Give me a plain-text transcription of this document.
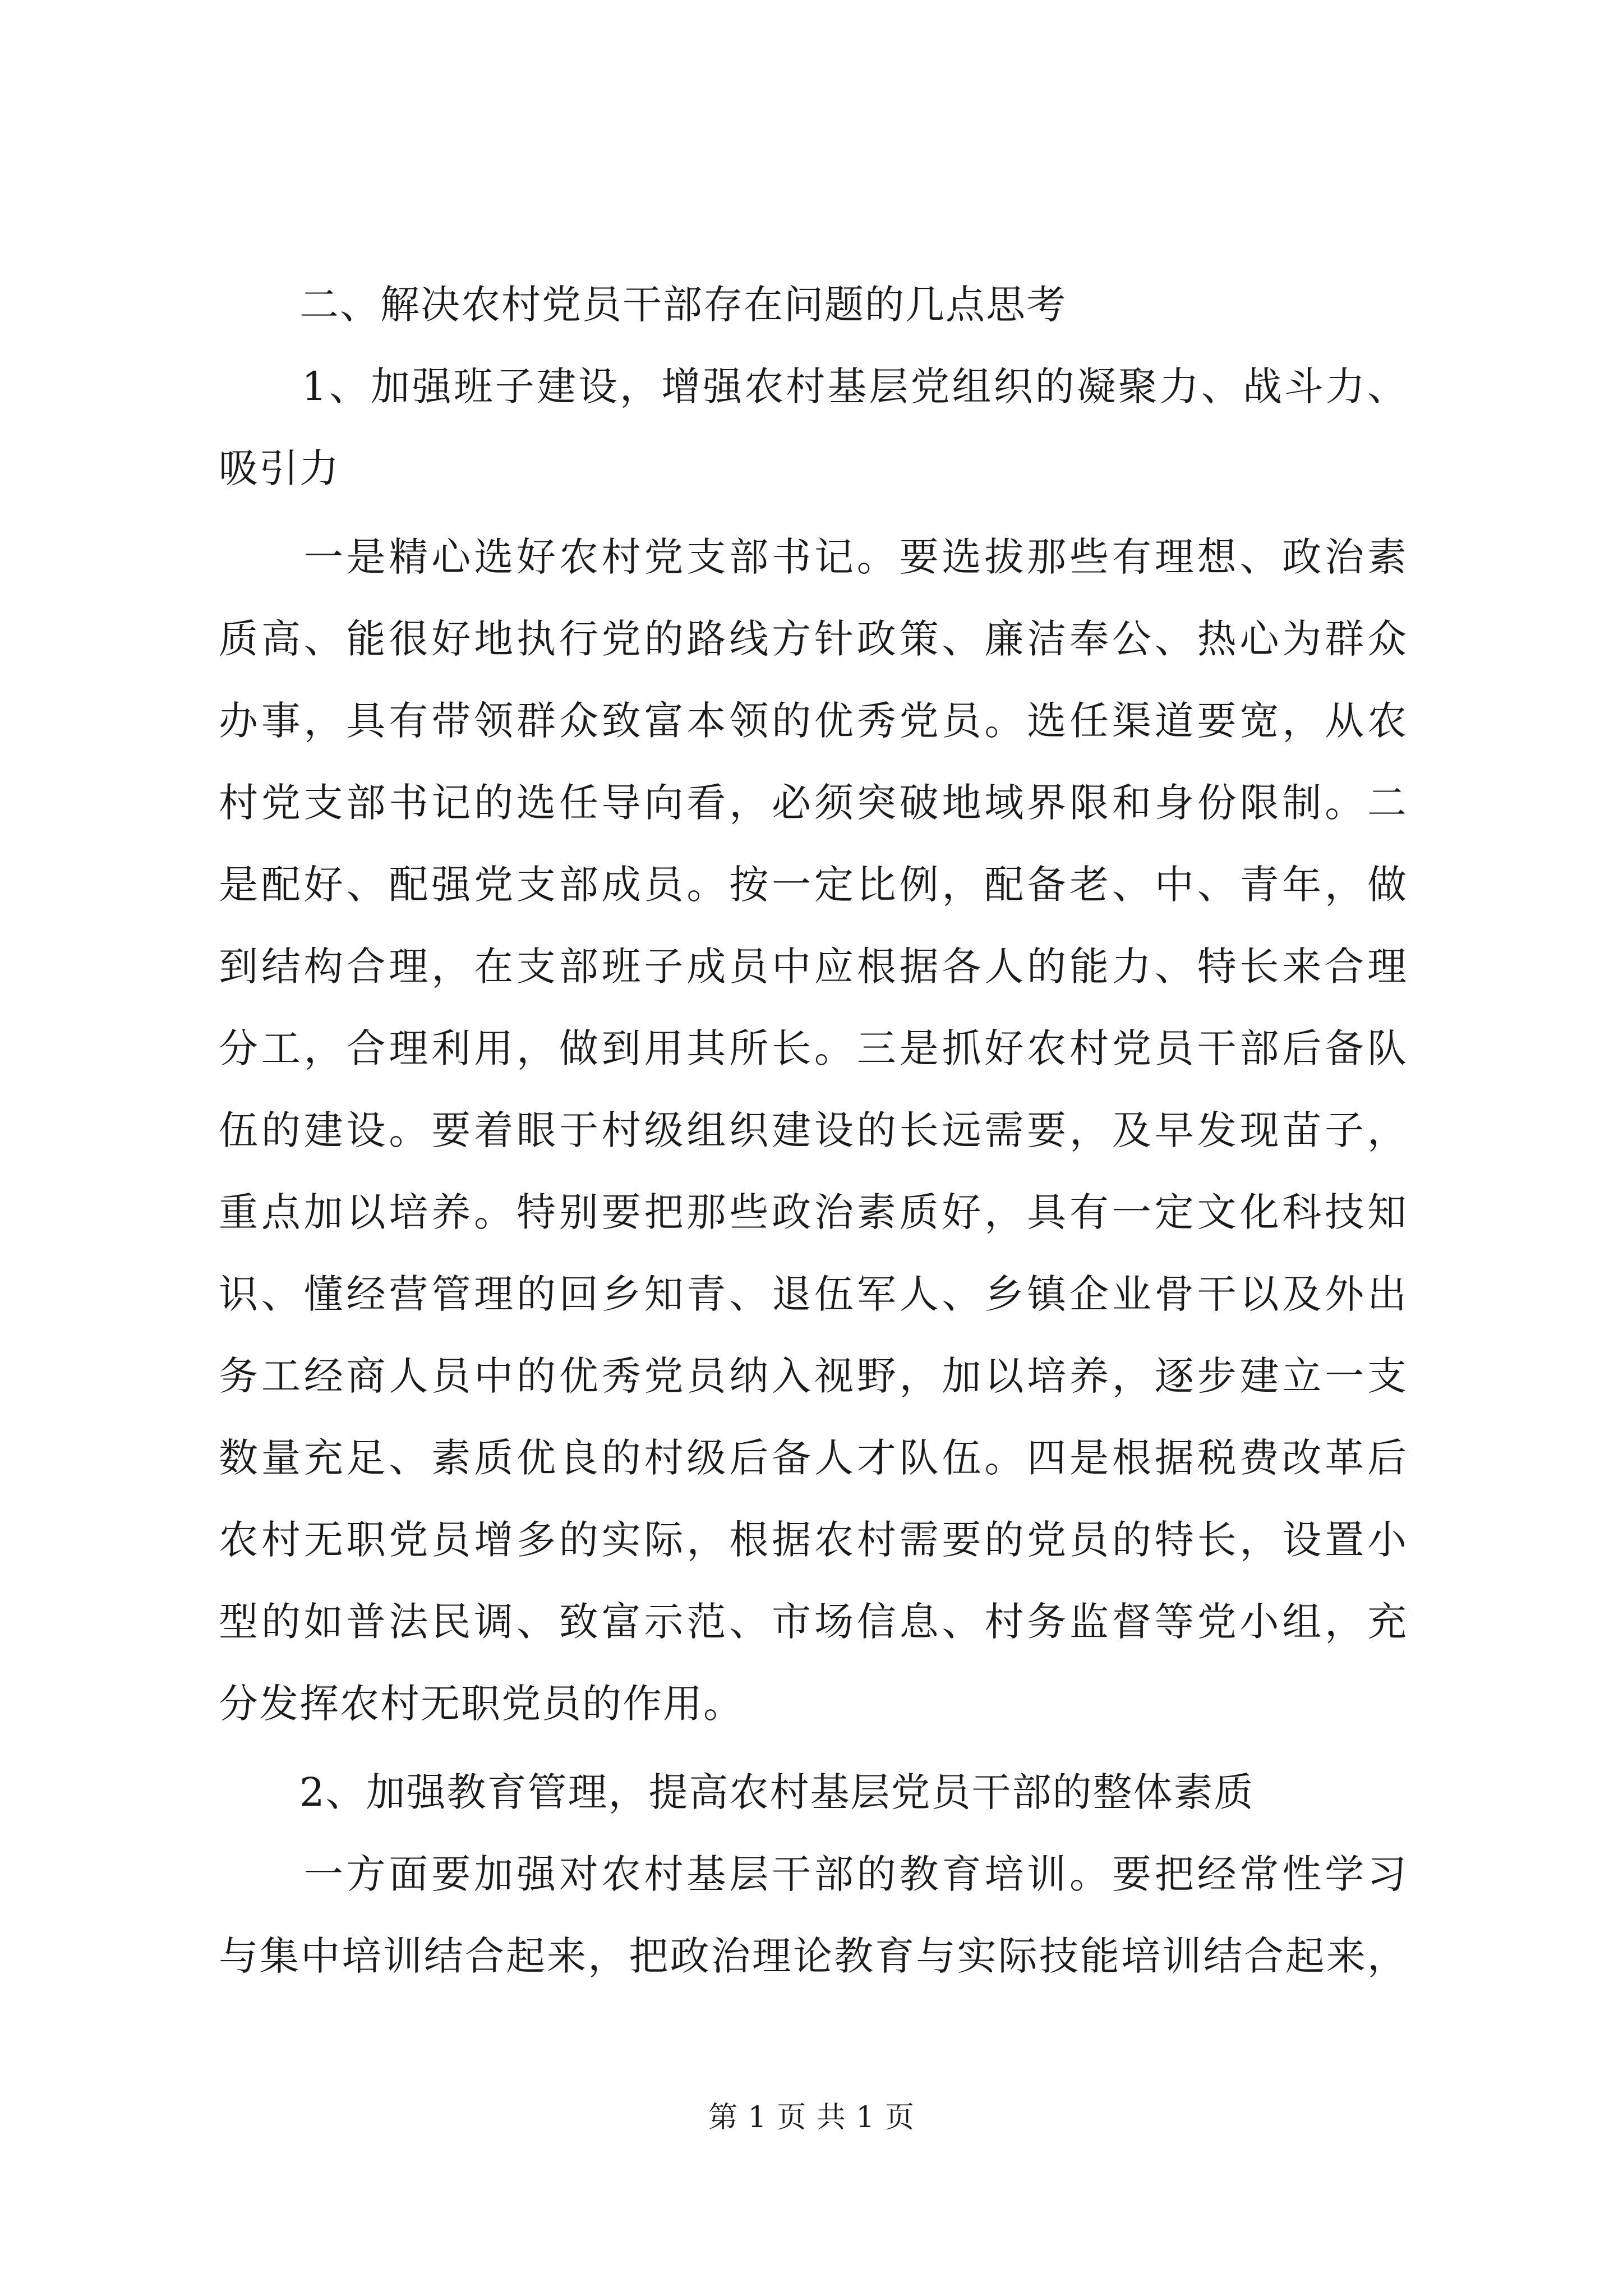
　　二、解决农村党员干部存在问题的几点思考
　　1、加强班子建设，增强农村基层党组织的凝聚力、战斗力、
吸引力
　　一是精心选好农村党支部书记。要选拔那些有理想、政治素
质高、能很好地执行党的路线方针政策、廉洁奉公、热心为群众
办事，具有带领群众致富本领的优秀党员。选任渠道要宽，从农
村党支部书记的选任导向看，必须突破地域界限和身份限制。二
是配好、配强党支部成员。按一定比例，配备老、中、青年，做
到结构合理，在支部班子成员中应根据各人的能力、特长来合理
分工，合理利用，做到用其所长。三是抓好农村党员干部后备队
伍的建设。要着眼于村级组织建设的长远需要，及早发现苗子，
重点加以培养。特别要把那些政治素质好，具有一定文化科技知
识、懂经营管理的回乡知青、退伍军人、乡镇企业骨干以及外出
务工经商人员中的优秀党员纳入视野，加以培养，逐步建立一支
数量充足、素质优良的村级后备人才队伍。四是根据税费改革后
农村无职党员增多的实际，根据农村需要的党员的特长，设置小
型的如普法民调、致富示范、市场信息、村务监督等党小组，充
分发挥农村无职党员的作用。
　　2、加强教育管理，提高农村基层党员干部的整体素质
　　一方面要加强对农村基层干部的教育培训。要把经常性学习
与集中培训结合起来，把政治理论教育与实际技能培训结合起来，
第 1 页 共 1 页
